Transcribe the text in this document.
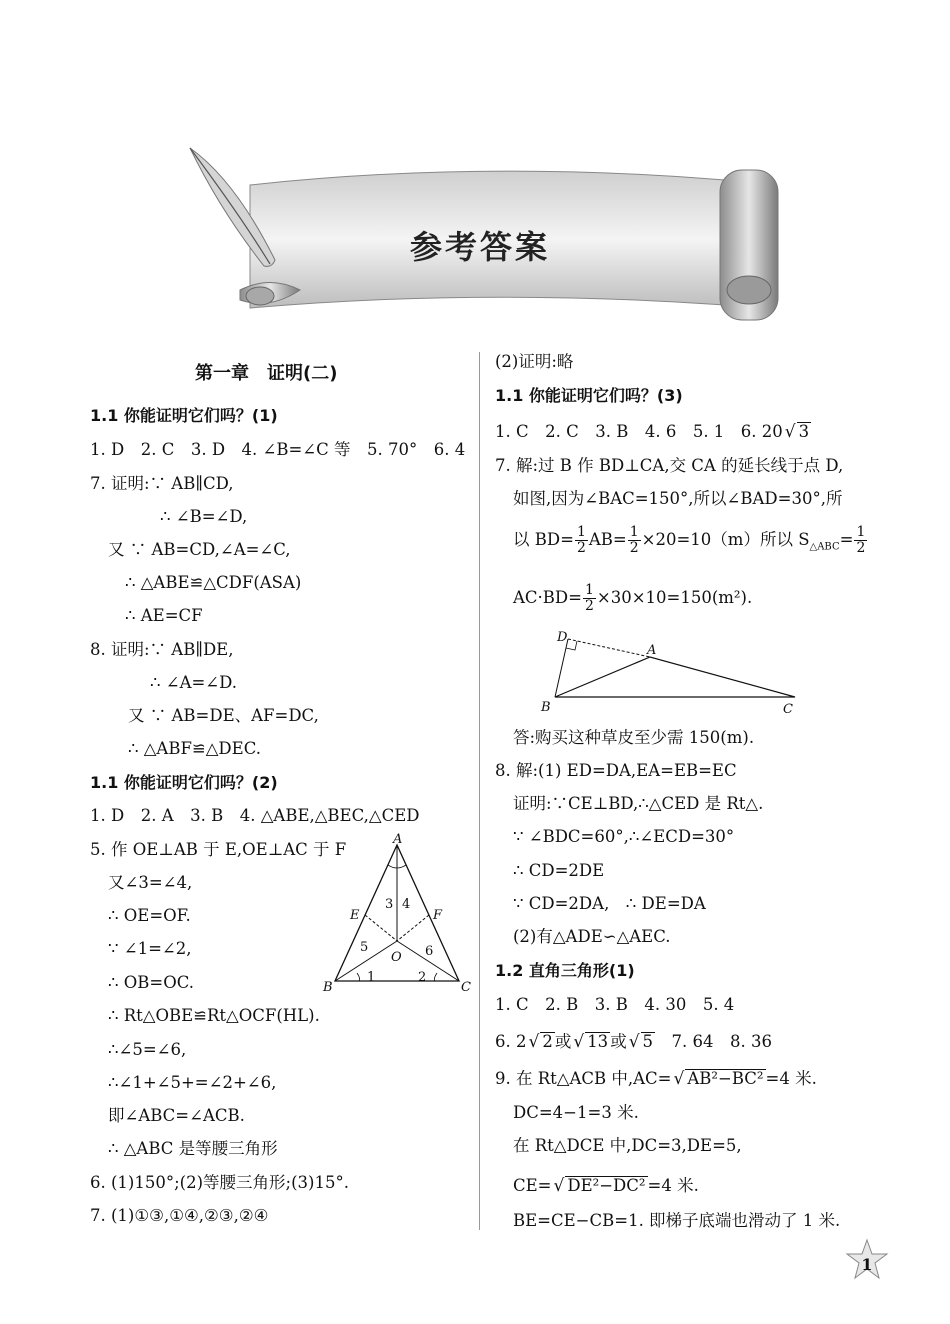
参考答案
第一章　证明(二)
A
B	C
E	F
O
1	2
3 4
5	6
1.1 你能证明它们吗？(1)
1. D　2. C　3. D　4. ∠B=∠C 等　5. 70°　6. 4
7. 证明:∵ AB∥CD,
∴ ∠B=∠D,
又 ∵ AB=CD,∠A=∠C,
∴ △ABE≌△CDF(ASA)
∴ AE=CF
8. 证明:∵ AB∥DE,
∴ ∠A=∠D.
又 ∵ AB=DE、AF=DC,
∴ △ABF≌△DEC.
1.1 你能证明它们吗？(2)
1. D　2. A　3. B　4. △ABE,△BEC,△CED
5. 作 OE⊥AB 于 E,OE⊥AC 于 F
又∠3=∠4,
∴ OE=OF.
∵ ∠1=∠2,
∴ OB=OC.
∴ Rt△OBE≌Rt△OCF(HL).
∴∠5=∠6,
∴∠1+∠5+=∠2+∠6,
即∠ABC=∠ACB.
∴ △ABC 是等腰三角形
6. (1)150°;(2)等腰三角形;(3)15°.
7. (1)①③,①④,②③,②④
(2)证明:略
1.1 你能证明它们吗？(3)
1. C　2. C　3. B　4. 6　5. 1　6. 20 √ 3
7. 解:过 B 作 BD⊥CA,交 CA 的延长线于点 D,
如图,因为∠BAC=150°,所以∠BAD=30°,所
以 $BD= \frac{1}{2} AB= \frac{1}{2} \times 20=10(m)$所以 $S_{\triangle ABC}= \frac{1}{2}$
$AC\cdot BD= \frac{1}{2} \times 30\times 10=150(m^2)$.
D
A
B	C
答:购买这种草皮至少需 150(m).
8. 解:(1) ED=DA,EA=EB=EC
证明:∵CE⊥BD,∴△CED 是 Rt△.
∵ ∠BDC=60°,∴∠ECD=30°
∴ CD=2DE
∵ CD=2DA,　∴ DE=DA
(2)有△ADE∽△AEC.
1.2 直角三角形(1)
1. C　2. B　3. B　4. 30　5. 4
6. 2 √ 2 或 √ 13 或 √ 5　7. 64　8. 36
9. 在 Rt△ACB 中,AC= √ AB²−BC² =4 米.
DC=4−1=3 米.
在 Rt△DCE 中,DC=3,DE=5,
CE= √ DE²−DC² =4 米.
BE=CE−CB=1. 即梯子底端也滑动了 1 米.
1
